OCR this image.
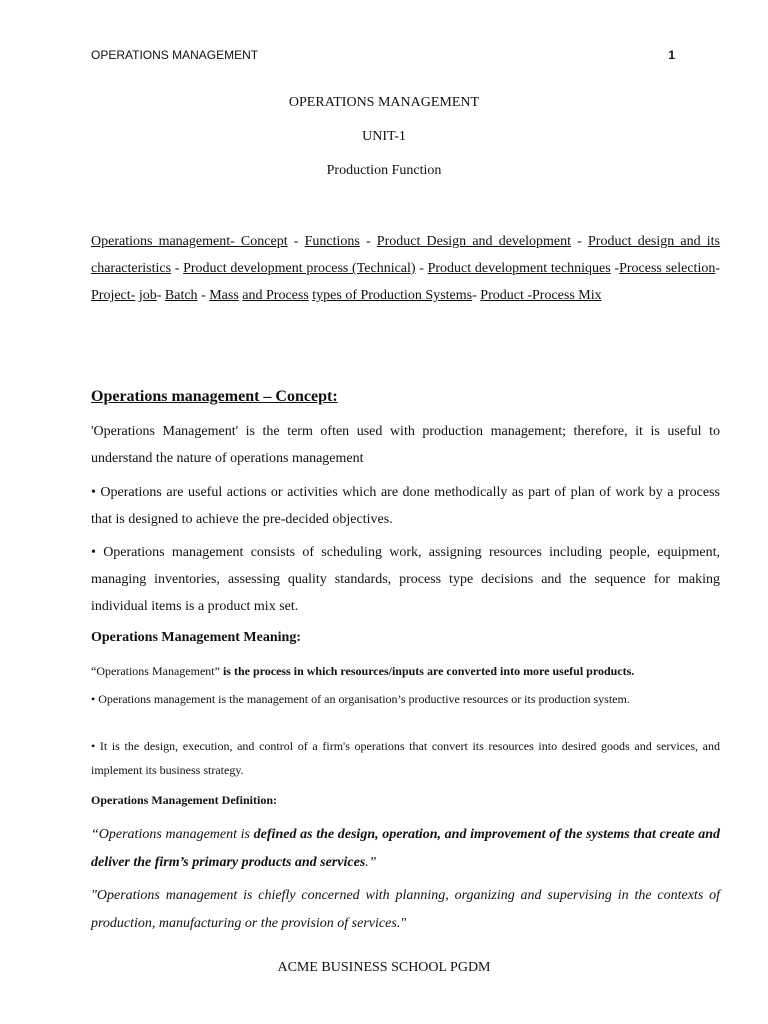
OPERATIONS MANAGEMENT	1
OPERATIONS MANAGEMENT
UNIT-1
Production Function
Operations management- Concept - Functions - Product Design and development - Product design and its characteristics - Product development process (Technical) - Product development techniques -Process selection- Project- job- Batch - Mass and Process types of Production Systems- Product -Process Mix
Operations management – Concept:
'Operations Management' is the term often used with production management; therefore, it is useful to understand the nature of operations management
• Operations are useful actions or activities which are done methodically as part of plan of work by a process that is designed to achieve the pre-decided objectives.
• Operations management consists of scheduling work, assigning resources including people, equipment, managing inventories, assessing quality standards, process type decisions and the sequence for making individual items is a product mix set.
Operations Management Meaning:
“Operations Management” is the process in which resources/inputs are converted into more useful products.
• Operations management is the management of an organisation’s productive resources or its production system.
• It is the design, execution, and control of a firm's operations that convert its resources into desired goods and services, and implement its business strategy.
Operations Management Definition:
“Operations management is defined as the design, operation, and improvement of the systems that create and deliver the firm’s primary products and services.”
"Operations management is chiefly concerned with planning, organizing and supervising in the contexts of production, manufacturing or the provision of services."
ACME BUSINESS SCHOOL PGDM
